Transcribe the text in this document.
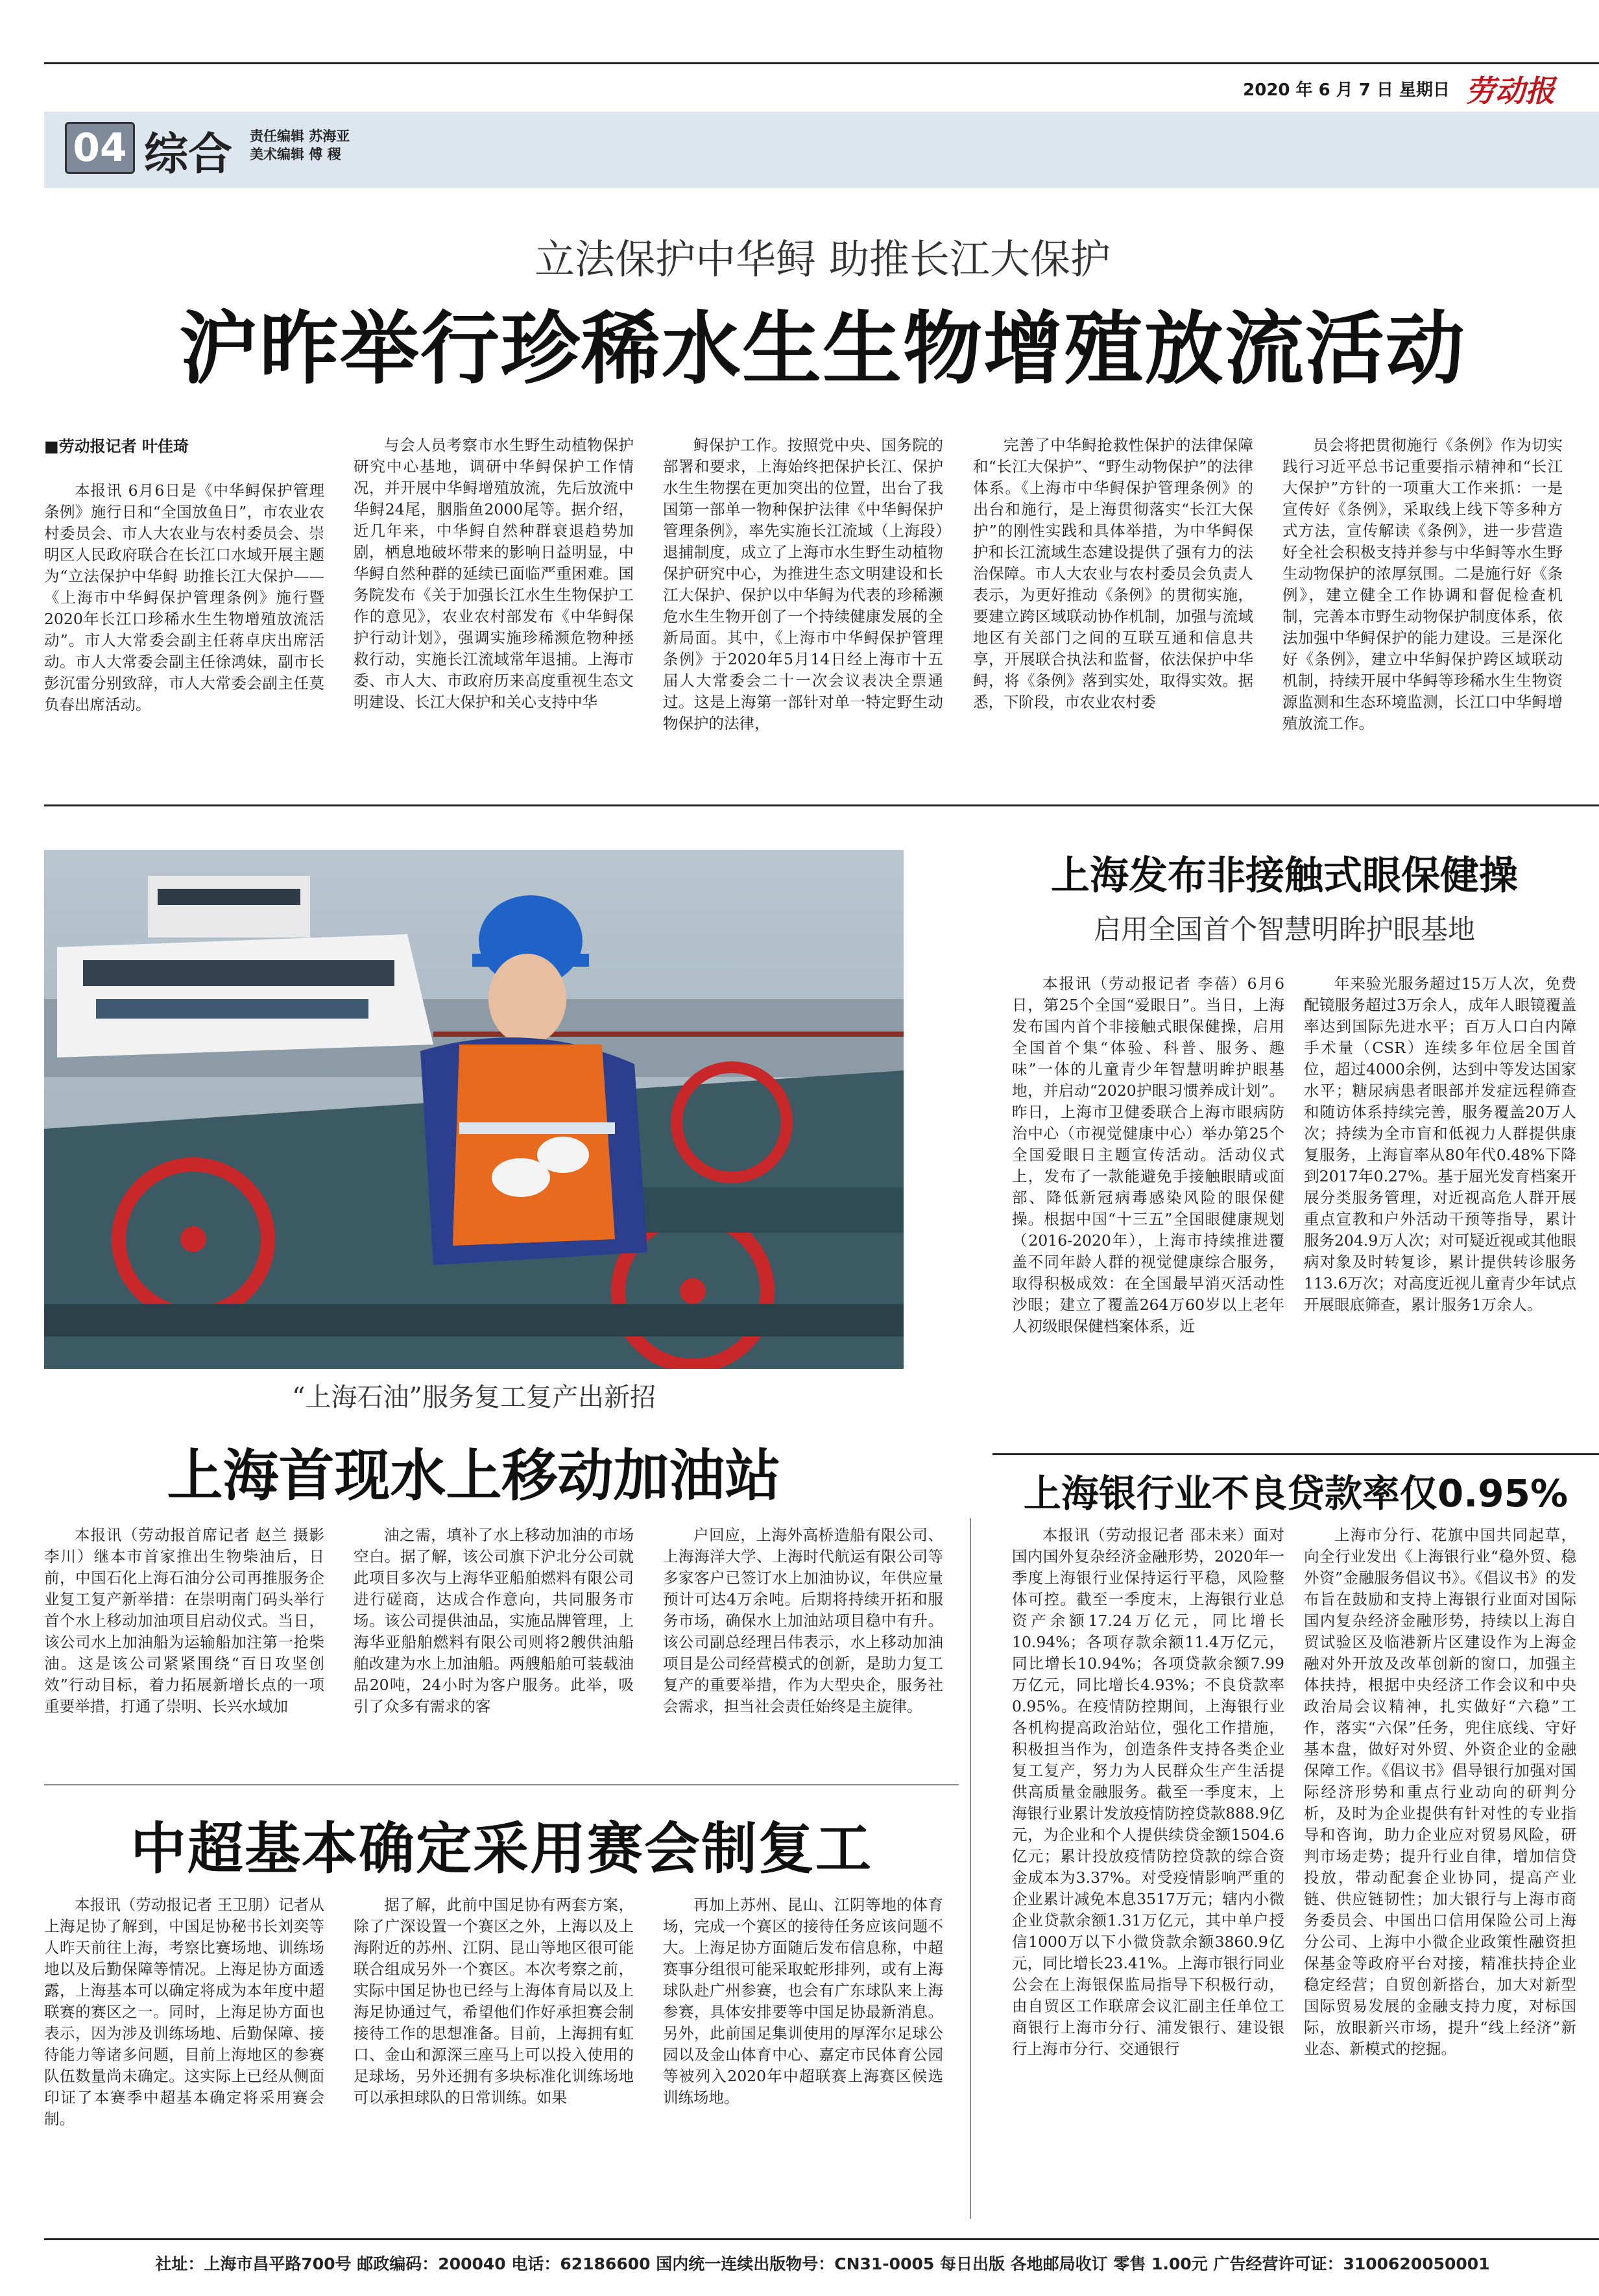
2020 年 6 月 7 日 星期日 劳动报
04 综合 责任编辑 苏海亚
美术编辑 傅 稷
立法保护中华鲟 助推长江大保护
沪昨举行珍稀水生生物增殖放流活动
■劳动报记者 叶佳琦

本报讯 6月6日是《中华鲟保护管理条例》施行日和“全国放鱼日”，市农业农村委员会、市人大农业与农村委员会、崇明区人民政府联合在长江口水域开展主题为“立法保护中华鲟 助推长江大保护——《上海市中华鲟保护管理条例》施行暨2020年长江口珍稀水生生物增殖放流活动”。市人大常委会副主任蒋卓庆出席活动。市人大常委会副主任徐鸿妹，副市长彭沉雷分别致辞，市人大常委会副主任莫负春出席活动。

与会人员考察市水生野生动植物保护研究中心基地，调研中华鲟保护工作情况，并开展中华鲟增殖放流，先后放流中华鲟24尾，胭脂鱼2000尾等。据介绍，近几年来，中华鲟自然种群衰退趋势加剧，栖息地破坏带来的影响日益明显，中华鲟自然种群的延续已面临严重困难。国务院发布《关于加强长江水生生物保护工作的意见》，农业农村部发布《中华鲟保护行动计划》，强调实施珍稀濒危物种拯救行动，实施长江流域常年退捕。上海市委、市人大、市政府历来高度重视生态文明建设、长江大保护和关心支持中华

鲟保护工作。按照党中央、国务院的部署和要求，上海始终把保护长江、保护水生生物摆在更加突出的位置，出台了我国第一部单一物种保护法律《中华鲟保护管理条例》，率先实施长江流域（上海段）退捕制度，成立了上海市水生野生动植物保护研究中心，为推进生态文明建设和长江大保护、保护以中华鲟为代表的珍稀濒危水生生物开创了一个持续健康发展的全新局面。其中，《上海市中华鲟保护管理条例》于2020年5月14日经上海市十五届人大常委会二十一次会议表决全票通过。这是上海第一部针对单一特定野生动物保护的法律，

完善了中华鲟抢救性保护的法律保障和“长江大保护”、“野生动物保护”的法律体系。《上海市中华鲟保护管理条例》的出台和施行，是上海贯彻落实“长江大保护”的刚性实践和具体举措，为中华鲟保护和长江流域生态建设提供了强有力的法治保障。市人大农业与农村委员会负责人表示，为更好推动《条例》的贯彻实施，要建立跨区域联动协作机制，加强与流域地区有关部门之间的互联互通和信息共享，开展联合执法和监督，依法保护中华鲟，将《条例》落到实处，取得实效。据悉，下阶段，市农业农村委

员会将把贯彻施行《条例》作为切实践行习近平总书记重要指示精神和“长江大保护”方针的一项重大工作来抓：一是宣传好《条例》，采取线上线下等多种方式方法，宣传解读《条例》，进一步营造好全社会积极支持并参与中华鲟等水生野生动物保护的浓厚氛围。二是施行好《条例》，建立健全工作协调和督促检查机制，完善本市野生动物保护制度体系，依法加强中华鲟保护的能力建设。三是深化好《条例》，建立中华鲟保护跨区域联动机制，持续开展中华鲟等珍稀水生生物资源监测和生态环境监测，长江口中华鲟增殖放流工作。

“上海石油”服务复工复产出新招
上海首现水上移动加油站

本报讯（劳动报首席记者 赵兰 摄影 李川）继本市首家推出生物柴油后，日前，中国石化上海石油分公司再推服务企业复工复产新举措：在崇明南门码头举行首个水上移动加油项目启动仪式。当日，该公司水上加油船为运输船加注第一抢柴油。这是该公司紧紧围绕“百日攻坚创效”行动目标，着力拓展新增长点的一项重要举措，打通了崇明、长兴水域加

油之需，填补了水上移动加油的市场空白。据了解，该公司旗下沪北分公司就此项目多次与上海华亚船舶燃料有限公司进行磋商，达成合作意向，共同服务市场。该公司提供油品，实施品牌管理，上海华亚船舶燃料有限公司则将2艘供油船舶改建为水上加油船。两艘船舶可装载油品20吨，24小时为客户服务。此举，吸引了众多有需求的客

户回应，上海外高桥造船有限公司、上海海洋大学、上海时代航运有限公司等多家客户已签订水上加油协议，年供应量预计可达4万余吨。后期将持续开拓和服务市场，确保水上加油站项目稳中有升。该公司副总经理吕伟表示，水上移动加油项目是公司经营模式的创新，是助力复工复产的重要举措，作为大型央企，服务社会需求，担当社会责任始终是主旋律。

上海发布非接触式眼保健操
启用全国首个智慧明眸护眼基地

本报讯（劳动报记者 李蓓）6月6日，第25个全国“爱眼日”。当日，上海发布国内首个非接触式眼保健操，启用全国首个集“体验、科普、服务、趣味”一体的儿童青少年智慧明眸护眼基地，并启动“2020护眼习惯养成计划”。昨日，上海市卫健委联合上海市眼病防治中心（市视觉健康中心）举办第25个全国爱眼日主题宣传活动。活动仪式上，发布了一款能避免手接触眼睛或面部、降低新冠病毒感染风险的眼保健操。根据中国“十三五”全国眼健康规划（2016-2020年），上海市持续推进覆盖不同年龄人群的视觉健康综合服务，取得积极成效：在全国最早消灭活动性沙眼；建立了覆盖264万60岁以上老年人初级眼保健档案体系，近

年来验光服务超过15万人次，免费配镜服务超过3万余人，成年人眼镜覆盖率达到国际先进水平；百万人口白内障手术量（CSR）连续多年位居全国首位，超过4000余例，达到中等发达国家水平；糖尿病患者眼部并发症远程筛查和随访体系持续完善，服务覆盖20万人次；持续为全市盲和低视力人群提供康复服务，上海盲率从80年代0.48%下降到2017年0.27%。基于屈光发育档案开展分类服务管理，对近视高危人群开展重点宣教和户外活动干预等指导，累计服务204.9万人次；对可疑近视或其他眼病对象及时转复诊，累计提供转诊服务113.6万次；对高度近视儿童青少年试点开展眼底筛查，累计服务1万余人。

上海银行业不良贷款率仅0.95%

本报讯（劳动报记者 邵未来）面对国内国外复杂经济金融形势，2020年一季度上海银行业保持运行平稳，风险整体可控。截至一季度末，上海银行业总资产余额17.24万亿元，同比增长10.94%；各项存款余额11.4万亿元，同比增长10.94%；各项贷款余额7.99万亿元，同比增长4.93%；不良贷款率0.95%。在疫情防控期间，上海银行业各机构提高政治站位，强化工作措施，积极担当作为，创造条件支持各类企业复工复产，努力为人民群众生产生活提供高质量金融服务。截至一季度末，上海银行业累计发放疫情防控贷款888.9亿元，为企业和个人提供续贷金额1504.6亿元；累计投放疫情防控贷款的综合资金成本为3.37%。对受疫情影响严重的企业累计减免本息3517万元；辖内小微企业贷款余额1.31万亿元，其中单户授信1000万以下小微贷款余额3860.9亿元，同比增长23.41%。上海市银行同业公会在上海银保监局指导下积极行动，由自贸区工作联席会议汇副主任单位工商银行上海市分行、浦发银行、建设银行上海市分行、交通银行

上海市分行、花旗中国共同起草，向全行业发出《上海银行业“稳外贸、稳外资”金融服务倡议书》。《倡议书》的发布旨在鼓励和支持上海银行业面对国际国内复杂经济金融形势，持续以上海自贸试验区及临港新片区建设作为上海金融对外开放及改革创新的窗口，加强主体扶持，根据中央经济工作会议和中央政治局会议精神，扎实做好“六稳”工作，落实“六保”任务，兜住底线、守好基本盘，做好对外贸、外资企业的金融保障工作。《倡议书》倡导银行加强对国际经济形势和重点行业动向的研判分析，及时为企业提供有针对性的专业指导和咨询，助力企业应对贸易风险，研判市场走势；提升行业自律，增加信贷投放，带动配套企业协同，提高产业链、供应链韧性；加大银行与上海市商务委员会、中国出口信用保险公司上海分公司、上海中小微企业政策性融资担保基金等政府平台对接，精准扶持企业稳定经营；自贸创新搭台，加大对新型国际贸易发展的金融支持力度，对标国际，放眼新兴市场，提升“线上经济”新业态、新模式的挖掘。

中超基本确定采用赛会制复工

本报讯（劳动报记者 王卫朋）记者从上海足协了解到，中国足协秘书长刘奕等人昨天前往上海，考察比赛场地、训练场地以及后勤保障等情况。上海足协方面透露，上海基本可以确定将成为本年度中超联赛的赛区之一。同时，上海足协方面也表示，因为涉及训练场地、后勤保障、接待能力等诸多问题，目前上海地区的参赛队伍数量尚未确定。这实际上已经从侧面印证了本赛季中超基本确定将采用赛会制。

据了解，此前中国足协有两套方案，除了广深设置一个赛区之外，上海以及上海附近的苏州、江阴、昆山等地区很可能联合组成另外一个赛区。本次考察之前，实际中国足协也已经与上海体育局以及上海足协通过气，希望他们作好承担赛会制接待工作的思想准备。目前，上海拥有虹口、金山和源深三座马上可以投入使用的足球场，另外还拥有多块标准化训练场地可以承担球队的日常训练。如果

再加上苏州、昆山、江阴等地的体育场，完成一个赛区的接待任务应该问题不大。上海足协方面随后发布信息称，中超赛事分组很可能采取蛇形排列，或有上海球队赴广州参赛，也会有广东球队来上海参赛，具体安排要等中国足协最新消息。另外，此前国足集训使用的厚浑尔足球公园以及金山体育中心、嘉定市民体育公园等被列入2020年中超联赛上海赛区候选训练场地。

社址：上海市昌平路700号 邮政编码：200040 电话：62186600 国内统一连续出版物号：CN31-0005 每日出版 各地邮局收订 零售 1.00元 广告经营许可证：3100620050001
